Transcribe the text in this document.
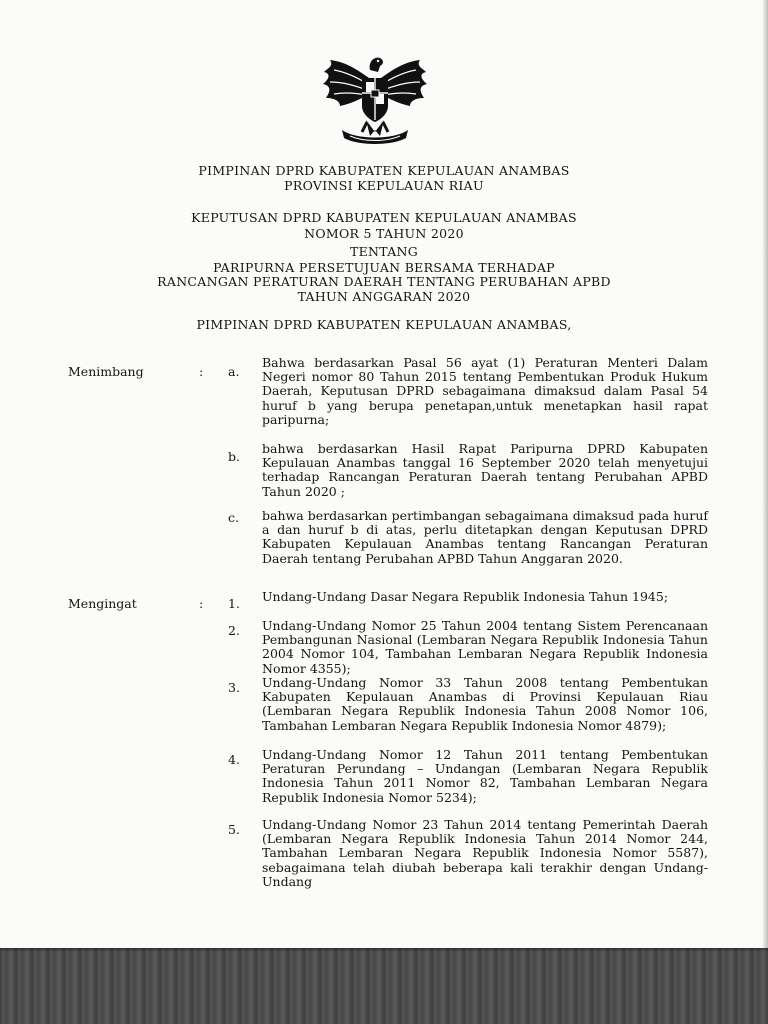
PIMPINAN DPRD KABUPATEN KEPULAUAN ANAMBAS
PROVINSI KEPULAUAN RIAU
KEPUTUSAN DPRD KABUPATEN KEPULAUAN ANAMBAS
NOMOR 5 TAHUN 2020
TENTANG
PARIPURNA PERSETUJUAN BERSAMA TERHADAP
RANCANGAN PERATURAN DAERAH TENTANG PERUBAHAN APBD
TAHUN ANGGARAN 2020
PIMPINAN DPRD KABUPATEN KEPULAUAN ANAMBAS,
Menimbang	: a.
Bahwa berdasarkan Pasal 56 ayat (1) Peraturan Menteri Dalam Negeri nomor 80 Tahun 2015 tentang Pembentukan Produk Hukum Daerah, Keputusan DPRD sebagaimana dimaksud dalam Pasal 54 huruf b yang berupa penetapan,untuk menetapkan hasil rapat paripurna;
b.
bahwa berdasarkan Hasil Rapat Paripurna DPRD Kabupaten Kepulauan Anambas tanggal 16 September 2020 telah menyetujui terhadap Rancangan Peraturan Daerah tentang Perubahan APBD Tahun 2020 ;
c. bahwa berdasarkan pertimbangan sebagaimana dimaksud pada huruf a dan huruf b di atas, perlu ditetapkan dengan Keputusan DPRD Kabupaten Kepulauan Anambas tentang Rancangan Peraturan Daerah tentang Perubahan APBD Tahun Anggaran 2020.
Mengingat	: 1. Undang-Undang Dasar Negara Republik Indonesia Tahun 1945;
2. Undang-Undang Nomor 25 Tahun 2004 tentang Sistem Perencanaan Pembangunan Nasional (Lembaran Negara Republik Indonesia Tahun 2004 Nomor 104, Tambahan Lembaran Negara Republik Indonesia Nomor 4355);
3. Undang-Undang Nomor 33 Tahun 2008 tentang Pembentukan Kabupaten Kepulauan Anambas di Provinsi Kepulauan Riau (Lembaran Negara Republik Indonesia Tahun 2008 Nomor 106, Tambahan Lembaran Negara Republik Indonesia Nomor 4879);
4. Undang-Undang Nomor 12 Tahun 2011 tentang Pembentukan Peraturan Perundang – Undangan (Lembaran Negara Republik Indonesia Tahun 2011 Nomor 82, Tambahan Lembaran Negara Republik Indonesia Nomor 5234);
5. Undang-Undang Nomor 23 Tahun 2014 tentang Pemerintah Daerah (Lembaran Negara Republik Indonesia Tahun 2014 Nomor 244, Tambahan Lembaran Negara Republik Indonesia Nomor 5587), sebagaimana telah diubah beberapa kali terakhir dengan Undang-Undang
